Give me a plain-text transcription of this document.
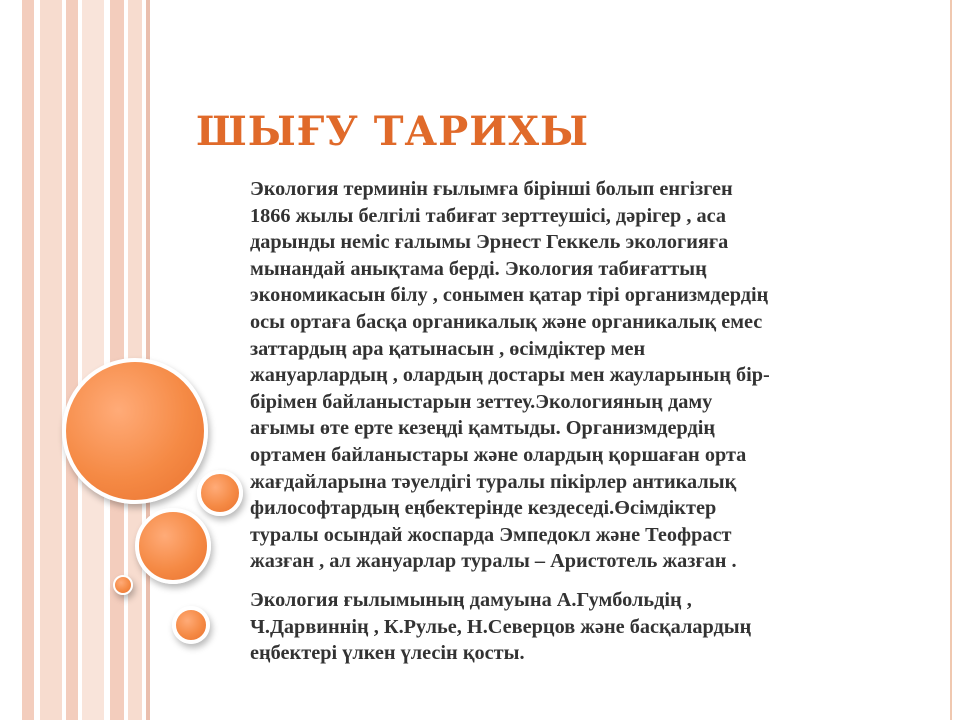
ШЫҒУ ТАРИХЫ
Экология терминін ғылымға бірінші болып енгізген
1866 жылы белгілі табиғат зерттеушісі, дәрігер , аса
дарынды неміс ғалымы Эрнест Геккель экологияға
мынандай анықтама берді. Экология табиғаттың
экономикасын білу , сонымен қатар тірі организмдердің
осы ортаға басқа органикалық және органикалық емес
заттардың ара қатынасын , өсімдіктер мен
жануарлардың , олардың достары мен жауларының бір-
бірімен байланыстарын зеттеу.Экологияның даму
ағымы өте ерте кезеңді қамтыды. Организмдердің
ортамен байланыстары және олардың қоршаған орта
жағдайларына тәуелдігі туралы пікірлер антикалық
философтардың еңбектерінде кездеседі.Өсімдіктер
туралы осындай жоспарда Эмпедокл және Теофраст
жазған , ал жануарлар туралы – Аристотель жазған .
Экология ғылымының дамуына А.Гумбольдің ,
Ч.Дарвиннің , К.Рулье, Н.Северцов және басқалардың
еңбектері үлкен үлесін қосты.
